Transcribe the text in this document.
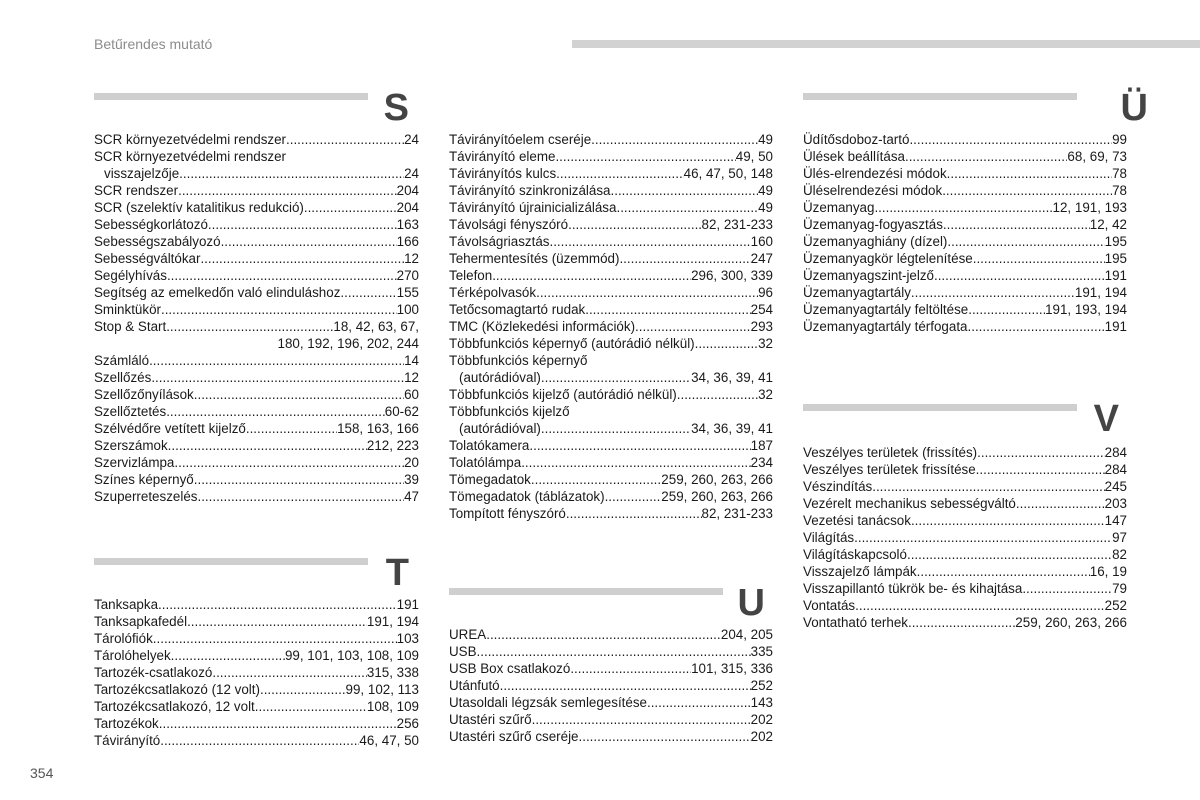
Betűrendes mutató
S
SCR környezetvédelmi rendszer .....	24
SCR környezetvédelmi rendszer
visszajelzője .....	24
SCR rendszer .....	204
SCR (szelektív katalitikus redukció) .....	204
Sebességkorlátozó .....	163
Sebességszabályozó .....	166
Sebességváltókar .....	12
Segélyhívás .....	270
Segítség az emelkedőn való elinduláshoz .....	155
Sminktükör .....	100
Stop & Start .....	18, 42, 63, 67,
180, 192, 196, 202, 244
Számláló .....	14
Szellőzés .....	12
Szellőzőnyílások .....	60
Szellőztetés .....	60-62
Szélvédőre vetített kijelző .....	158, 163, 166
Szerszámok .....	212, 223
Szervizlámpa .....	20
Színes képernyő .....	39
Szuperreteszelés .....	47
T
Tanksapka .....	191
Tanksapkafedél .....	191, 194
Tárolófiók .....	103
Tárolóhelyek .....	99, 101, 103, 108, 109
Tartozék-csatlakozó .....	315, 338
Tartozékcsatlakozó (12 volt) .....	99, 102, 113
Tartozékcsatlakozó, 12 volt .....	108, 109
Tartozékok .....	256
Távirányító .....	46, 47, 50
Távirányítóelem cseréje .....	49
Távirányító eleme .....	49, 50
Távirányítós kulcs .....	46, 47, 50, 148
Távirányító szinkronizálása .....	49
Távirányító újrainicializálása .....	49
Távolsági fényszóró .....	82, 231-233
Távolságriasztás .....	160
Tehermentesítés (üzemmód) .....	247
Telefon .....	296, 300, 339
Térképolvasók .....	96
Tetőcsomagtartó rudak .....	254
TMC (Közlekedési információk) .....	293
Többfunkciós képernyő (autórádió nélkül) .....	32
Többfunkciós képernyő
(autórádióval) .....	34, 36, 39, 41
Többfunkciós kijelző (autórádió nélkül) .....	32
Többfunkciós kijelző
(autórádióval) .....	34, 36, 39, 41
Tolatókamera .....	187
Tolatólámpa .....	234
Tömegadatok .....	259, 260, 263, 266
Tömegadatok (táblázatok) .....	259, 260, 263, 266
Tompított fényszóró .....	82, 231-233
U
UREA .....	204, 205
USB .....	335
USB Box csatlakozó .....	101, 315, 336
Utánfutó .....	252
Utasoldali légzsák semlegesítése .....	143
Utastéri szűrő .....	202
Utastéri szűrő cseréje .....	202
Ü
Üdítősdoboz-tartó .....	99
Ülések beállítása .....	68, 69, 73
Ülés-elrendezési módok .....	78
Üléselrendezési módok .....	78
Üzemanyag .....	12, 191, 193
Üzemanyag-fogyasztás .....	12, 42
Üzemanyaghiány (dízel) .....	195
Üzemanyagkör légtelenítése .....	195
Üzemanyagszint-jelző .....	191
Üzemanyagtartály .....	191, 194
Üzemanyagtartály feltöltése .....	191, 193, 194
Üzemanyagtartály térfogata .....	191
V
Veszélyes területek (frissítés) .....	284
Veszélyes területek frissítése .....	284
Vészindítás .....	245
Vezérelt mechanikus sebességváltó .....	203
Vezetési tanácsok .....	147
Világítás .....	97
Világításkapcsoló .....	82
Visszajelző lámpák .....	16, 19
Visszapillantó tükrök be- és kihajtása .....	79
Vontatás .....	252
Vontatható terhek .....	259, 260, 263, 266
354
